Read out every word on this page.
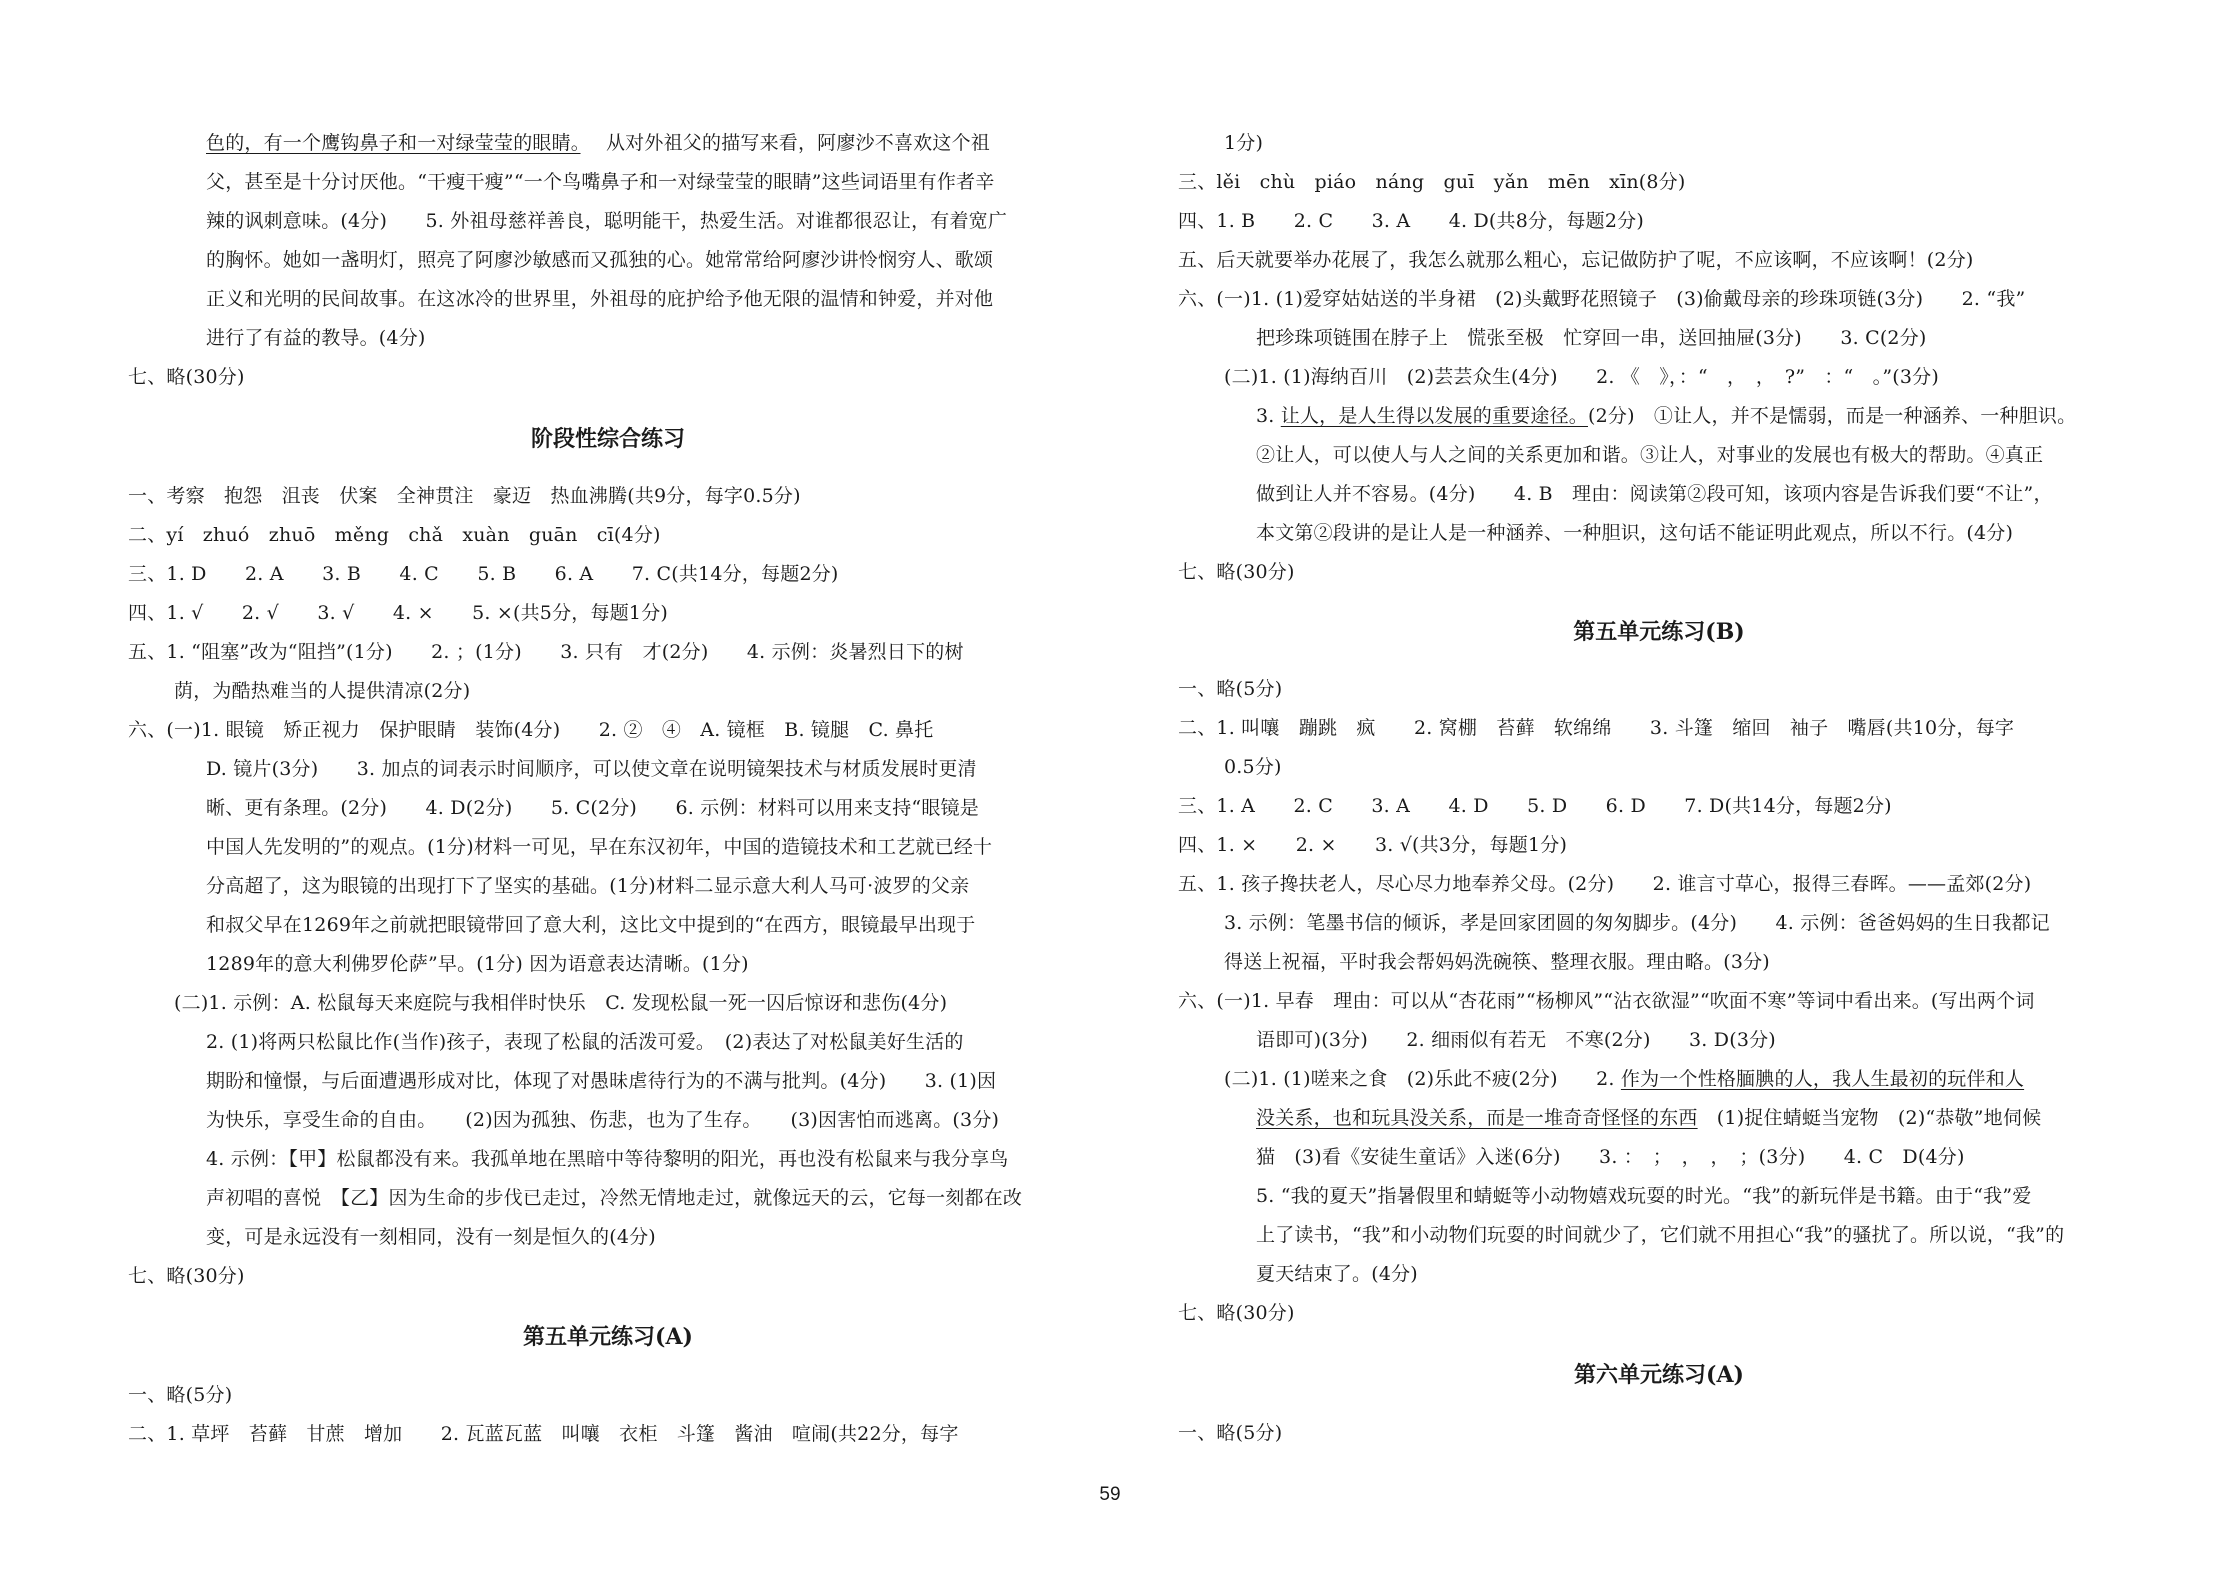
色的，有一个鹰钩鼻子和一对绿莹莹的眼睛。　 从对外祖父的描写来看，阿廖沙不喜欢这个祖
父，甚至是十分讨厌他。“干瘦干瘦”“一个鸟嘴鼻子和一对绿莹莹的眼睛”这些词语里有作者辛
辣的讽刺意味。(4分)　　5. 外祖母慈祥善良，聪明能干，热爱生活。对谁都很忍让，有着宽广
的胸怀。她如一盏明灯，照亮了阿廖沙敏感而又孤独的心。她常常给阿廖沙讲怜悯穷人、歌颂
正义和光明的民间故事。在这冰冷的世界里，外祖母的庇护给予他无限的温情和钟爱，并对他
进行了有益的教导。(4分)
七、略(30分)
阶段性综合练习
一、考察　抱怨　沮丧　伏案　全神贯注　豪迈　热血沸腾(共9分，每字0.5分)
二、yí　zhuó　zhuō　měng　chǎ　xuàn　guān　cī(4分)
三、1. D　　2. A　　3. B　　4. C　　5. B　　6. A　　7. C(共14分，每题2分)
四、1. √　　2. √　　3. √　　4. ×　　5. ×(共5分，每题1分)
五、1. “阻塞”改为“阻挡”(1分)　　2. ；(1分)　　3. 只有　才(2分)　　4. 示例：炎暑烈日下的树
荫，为酷热难当的人提供清凉(2分)
六、(一)1. 眼镜　矫正视力　保护眼睛　装饰(4分)　　2. ②　④　A. 镜框　B. 镜腿　C. 鼻托
D. 镜片(3分)　　3. 加点的词表示时间顺序，可以使文章在说明镜架技术与材质发展时更清
晰、更有条理。(2分)　　4. D(2分)　　5. C(2分)　　6. 示例：材料可以用来支持“眼镜是
中国人先发明的”的观点。(1分)材料一可见，早在东汉初年，中国的造镜技术和工艺就已经十
分高超了，这为眼镜的出现打下了坚实的基础。(1分)材料二显示意大利人马可·波罗的父亲
和叔父早在1269年之前就把眼镜带回了意大利，这比文中提到的“在西方，眼镜最早出现于
1289年的意大利佛罗伦萨”早。(1分) 因为语意表达清晰。(1分)
(二)1. 示例：A. 松鼠每天来庭院与我相伴时快乐　C. 发现松鼠一死一囚后惊讶和悲伤(4分)
2. (1)将两只松鼠比作(当作)孩子，表现了松鼠的活泼可爱。　(2)表达了对松鼠美好生活的
期盼和憧憬，与后面遭遇形成对比，体现了对愚昧虐待行为的不满与批判。(4分)　　3. (1)因
为快乐，享受生命的自由。　　(2)因为孤独、伤悲，也为了生存。　　(3)因害怕而逃离。(3分)
4. 示例：【甲】松鼠都没有来。我孤单地在黑暗中等待黎明的阳光，再也没有松鼠来与我分享鸟
声初唱的喜悦　【乙】因为生命的步伐已走过，冷然无情地走过，就像远天的云，它每一刻都在改
变，可是永远没有一刻相同，没有一刻是恒久的(4分)
七、略(30分)
第五单元练习(A)
一、略(5分)
二、1. 草坪　苔藓　甘蔗　增加　　2. 瓦蓝瓦蓝　叫嚷　衣柜　斗篷　酱油　喧闹(共22分，每字
1分)
三、lěi　chù　piáo　náng　guī　yǎn　mēn　xīn(8分)
四、1. B　　2. C　　3. A　　4. D(共8分，每题2分)
五、后天就要举办花展了，我怎么就那么粗心，忘记做防护了呢，不应该啊，不应该啊！(2分)
六、(一)1. (1)爱穿姑姑送的半身裙　(2)头戴野花照镜子　(3)偷戴母亲的珍珠项链(3分)　　2. “我”
把珍珠项链围在脖子上　慌张至极　忙穿回一串，送回抽屉(3分)　　3. C(2分)
(二)1. (1)海纳百川　(2)芸芸众生(4分)　　2. 《　》，：“　，　，　?”　：“　。”(3分)
3. 让人，是人生得以发展的重要途径。(2分)　①让人，并不是懦弱，而是一种涵养、一种胆识。
②让人，可以使人与人之间的关系更加和谐。③让人，对事业的发展也有极大的帮助。④真正
做到让人并不容易。(4分)　　4. B　理由：阅读第②段可知，该项内容是告诉我们要“不让”，
本文第②段讲的是让人是一种涵养、一种胆识，这句话不能证明此观点，所以不行。(4分)
七、略(30分)
第五单元练习(B)
一、略(5分)
二、1. 叫嚷　蹦跳　疯　　2. 窝棚　苔藓　软绵绵　　3. 斗篷　缩回　袖子　嘴唇(共10分，每字
0.5分)
三、1. A　　2. C　　3. A　　4. D　　5. D　　6. D　　7. D(共14分，每题2分)
四、1. ×　　2. ×　　3. √(共3分，每题1分)
五、1. 孩子搀扶老人，尽心尽力地奉养父母。(2分)　　2. 谁言寸草心，报得三春晖。——孟郊(2分)
3. 示例：笔墨书信的倾诉，孝是回家团圆的匆匆脚步。(4分)　　4. 示例：爸爸妈妈的生日我都记
得送上祝福，平时我会帮妈妈洗碗筷、整理衣服。理由略。(3分)
六、(一)1. 早春　理由：可以从“杏花雨”“杨柳风”“沾衣欲湿”“吹面不寒”等词中看出来。(写出两个词
语即可)(3分)　　2. 细雨似有若无　不寒(2分)　　3. D(3分)
(二)1. (1)嗟来之食　(2)乐此不疲(2分)　　2. 作为一个性格腼腆的人，我人生最初的玩伴和人
没关系，也和玩具没关系，而是一堆奇奇怪怪的东西　(1)捉住蜻蜓当宠物　(2)“恭敬”地伺候
猫　(3)看《安徒生童话》入迷(6分)　　3. ：　；　，　，　；(3分)　　4. C　D(4分)
5. “我的夏天”指暑假里和蜻蜓等小动物嬉戏玩耍的时光。“我”的新玩伴是书籍。由于“我”爱
上了读书，“我”和小动物们玩耍的时间就少了，它们就不用担心“我”的骚扰了。所以说，“我”的
夏天结束了。(4分)
七、略(30分)
第六单元练习(A)
一、略(5分)
59
